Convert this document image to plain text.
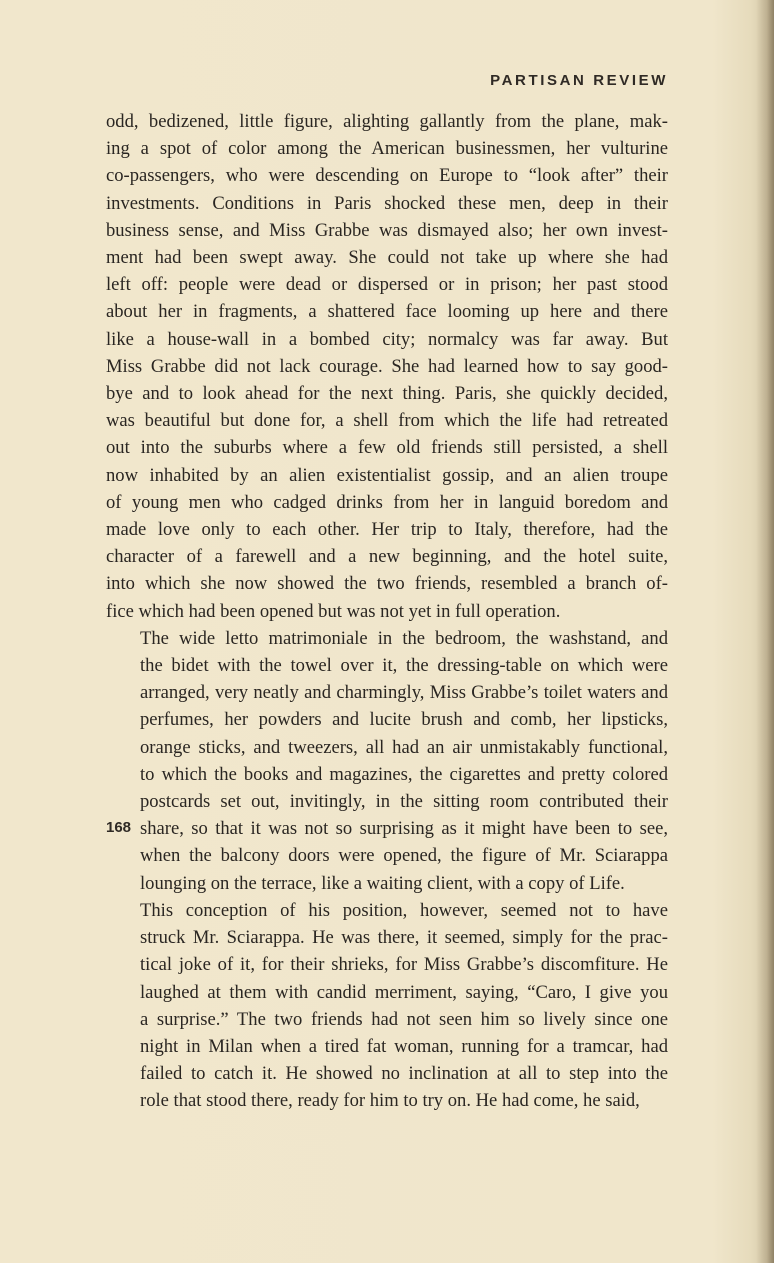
PARTISAN REVIEW

odd, bedizened, little figure, alighting gallantly from the plane, mak-
ing a spot of color among the American businessmen, her vulturine
co-passengers, who were descending on Europe to “look after” their
investments. Conditions in Paris shocked these men, deep in their
business sense, and Miss Grabbe was dismayed also; her own invest-
ment had been swept away. She could not take up where she had
left off: people were dead or dispersed or in prison; her past stood
about her in fragments, a shattered face looming up here and there
like a house-wall in a bombed city; normalcy was far away. But
Miss Grabbe did not lack courage. She had learned how to say good-
bye and to look ahead for the next thing. Paris, she quickly decided,
was beautiful but done for, a shell from which the life had retreated
out into the suburbs where a few old friends still persisted, a shell
now inhabited by an alien existentialist gossip, and an alien troupe
of young men who cadged drinks from her in languid boredom and
made love only to each other. Her trip to Italy, therefore, had the
character of a farewell and a new beginning, and the hotel suite,
into which she now showed the two friends, resembled a branch of-
fice which had been opened but was not yet in full operation.

The wide letto matrimoniale in the bedroom, the washstand, and
the bidet with the towel over it, the dressing-table on which were
arranged, very neatly and charmingly, Miss Grabbe’s toilet waters and
perfumes, her powders and lucite brush and comb, her lipsticks,
orange sticks, and tweezers, all had an air unmistakably functional,
to which the books and magazines, the cigarettes and pretty colored
postcards set out, invitingly, in the sitting room contributed their
share, so that it was not so surprising as it might have been to see,
when the balcony doors were opened, the figure of Mr. Sciarappa
lounging on the terrace, like a waiting client, with a copy of Life.

This conception of his position, however, seemed not to have
struck Mr. Sciarappa. He was there, it seemed, simply for the prac-
tical joke of it, for their shrieks, for Miss Grabbe’s discomfiture. He
laughed at them with candid merriment, saying, “Caro, I give you
a surprise.” The two friends had not seen him so lively since one
night in Milan when a tired fat woman, running for a tramcar, had
failed to catch it. He showed no inclination at all to step into the
role that stood there, ready for him to try on. He had come, he said,

168
